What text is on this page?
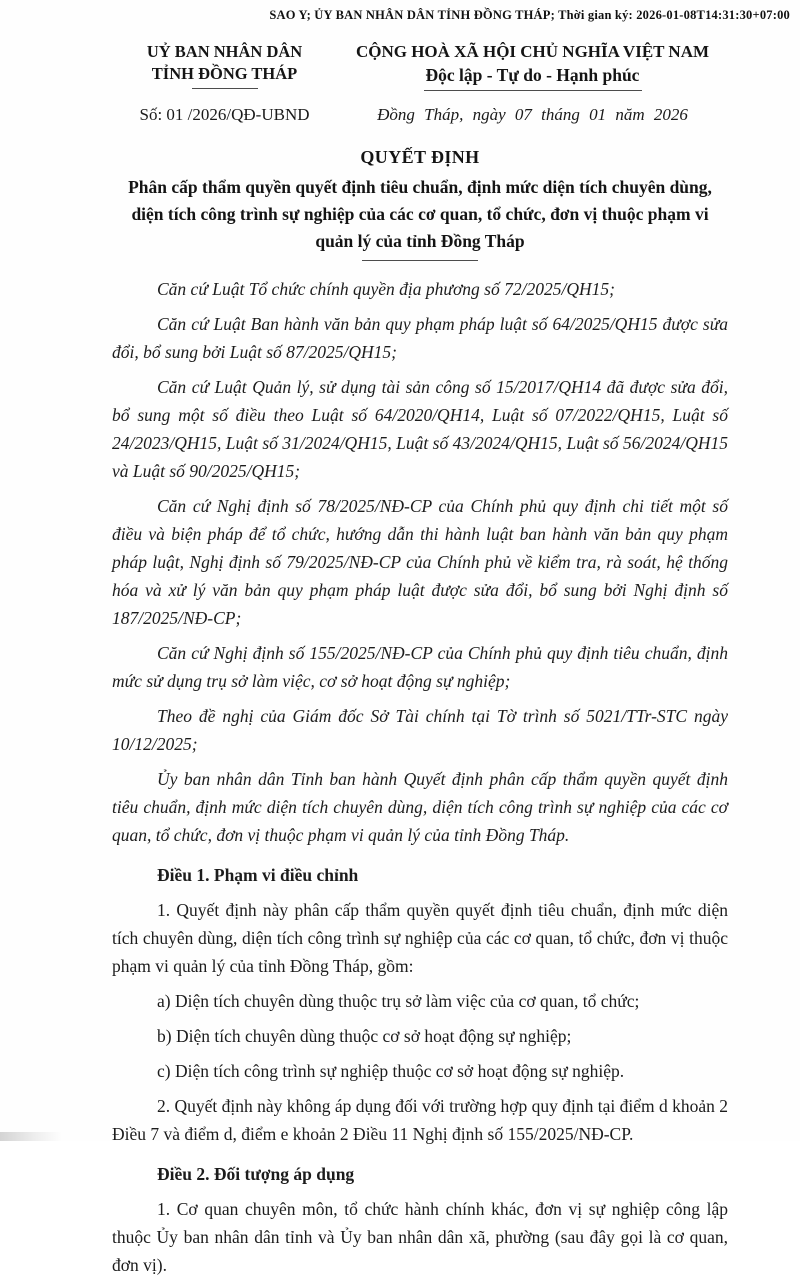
SAO Y; ỦY BAN NHÂN DÂN TỈNH ĐỒNG THÁP; Thời gian ký: 2026-01-08T14:31:30+07:00
UỶ BAN NHÂN DÂN
TỈNH ĐỒNG THÁP
CỘNG HOÀ XÃ HỘI CHỦ NGHĨA VIỆT NAM
Độc lập - Tự do - Hạnh phúc
Số: 01 /2026/QĐ-UBND	Đồng Tháp, ngày 07 tháng 01 năm 2026
QUYẾT ĐỊNH
Phân cấp thẩm quyền quyết định tiêu chuẩn, định mức diện tích chuyên dùng, diện tích công trình sự nghiệp của các cơ quan, tổ chức, đơn vị thuộc phạm vi quản lý của tỉnh Đồng Tháp

Căn cứ Luật Tổ chức chính quyền địa phương số 72/2025/QH15;

Căn cứ Luật Ban hành văn bản quy phạm pháp luật số 64/2025/QH15 được sửa đổi, bổ sung bởi Luật số 87/2025/QH15;

Căn cứ Luật Quản lý, sử dụng tài sản công số 15/2017/QH14 đã được sửa đổi, bổ sung một số điều theo Luật số 64/2020/QH14, Luật số 07/2022/QH15, Luật số 24/2023/QH15, Luật số 31/2024/QH15, Luật số 43/2024/QH15, Luật số 56/2024/QH15 và Luật số 90/2025/QH15;

Căn cứ Nghị định số 78/2025/NĐ-CP của Chính phủ quy định chi tiết một số điều và biện pháp để tổ chức, hướng dẫn thi hành luật ban hành văn bản quy phạm pháp luật, Nghị định số 79/2025/NĐ-CP của Chính phủ về kiểm tra, rà soát, hệ thống hóa và xử lý văn bản quy phạm pháp luật được sửa đổi, bổ sung bởi Nghị định số 187/2025/NĐ-CP;

Căn cứ Nghị định số 155/2025/NĐ-CP của Chính phủ quy định tiêu chuẩn, định mức sử dụng trụ sở làm việc, cơ sở hoạt động sự nghiệp;

Theo đề nghị của Giám đốc Sở Tài chính tại Tờ trình số 5021/TTr-STC ngày 10/12/2025;

Ủy ban nhân dân Tỉnh ban hành Quyết định phân cấp thẩm quyền quyết định tiêu chuẩn, định mức diện tích chuyên dùng, diện tích công trình sự nghiệp của các cơ quan, tổ chức, đơn vị thuộc phạm vi quản lý của tỉnh Đồng Tháp.

Điều 1. Phạm vi điều chỉnh

1. Quyết định này phân cấp thẩm quyền quyết định tiêu chuẩn, định mức diện tích chuyên dùng, diện tích công trình sự nghiệp của các cơ quan, tổ chức, đơn vị thuộc phạm vi quản lý của tỉnh Đồng Tháp, gồm:

a) Diện tích chuyên dùng thuộc trụ sở làm việc của cơ quan, tổ chức;

b) Diện tích chuyên dùng thuộc cơ sở hoạt động sự nghiệp;

c) Diện tích công trình sự nghiệp thuộc cơ sở hoạt động sự nghiệp.

2. Quyết định này không áp dụng đối với trường hợp quy định tại điểm d khoản 2 Điều 7 và điểm d, điểm e khoản 2 Điều 11 Nghị định số 155/2025/NĐ-CP.

Điều 2. Đối tượng áp dụng

1. Cơ quan chuyên môn, tổ chức hành chính khác, đơn vị sự nghiệp công lập thuộc Ủy ban nhân dân tỉnh và Ủy ban nhân dân xã, phường (sau đây gọi là cơ quan, đơn vị).
